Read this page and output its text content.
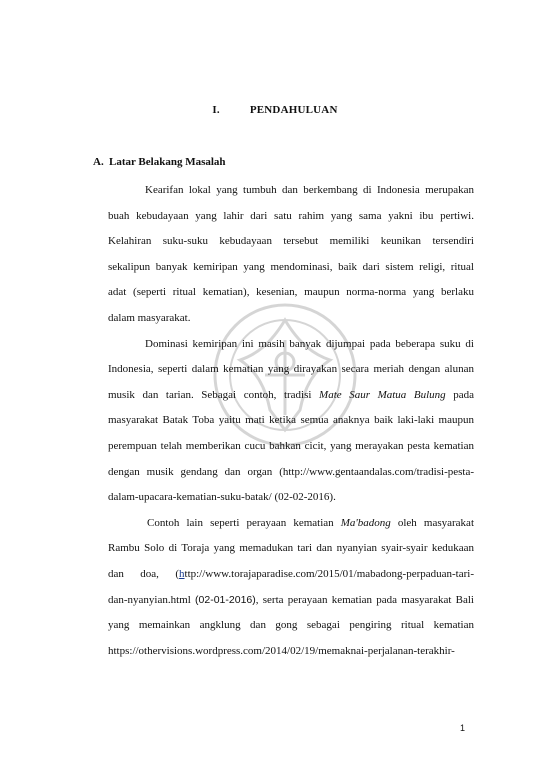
I.	PENDAHULUAN
A. Latar Belakang Masalah
Kearifan lokal yang tumbuh dan berkembang di Indonesia merupakan
buah kebudayaan yang lahir dari satu rahim yang sama yakni ibu pertiwi.
Kelahiran suku-suku kebudayaan tersebut memiliki keunikan tersendiri
sekalipun banyak kemiripan yang mendominasi, baik dari sistem religi, ritual
adat (seperti ritual kematian), kesenian, maupun norma-norma yang berlaku
dalam masyarakat.
Dominasi kemiripan ini masih banyak dijumpai pada beberapa suku di
Indonesia, seperti dalam kematian yang dirayakan secara meriah dengan alunan
musik dan tarian. Sebagai contoh, tradisi Mate Saur Matua Bulung pada
masyarakat Batak Toba yaitu mati ketika semua anaknya baik laki-laki maupun
perempuan telah memberikan cucu bahkan cicit, yang merayakan pesta kematian
dengan musik gendang dan organ (http://www.gentaandalas.com/tradisi-pesta-
dalam-upacara-kematian-suku-batak/ (02-02-2016).
Contoh lain seperti perayaan kematian Ma'badong oleh masyarakat
Rambu Solo di Toraja yang memadukan tari dan nyanyian syair-syair kedukaan
dan doa, (http://www.torajaparadise.com/2015/01/mabadong-perpaduan-tari-
dan-nyanyian.html (02-01-2016), serta perayaan kematian pada masyarakat Bali
yang memainkan angklung dan gong sebagai pengiring ritual kematian
https://othervisions.wordpress.com/2014/02/19/memaknai-perjalanan-terakhir-
1
